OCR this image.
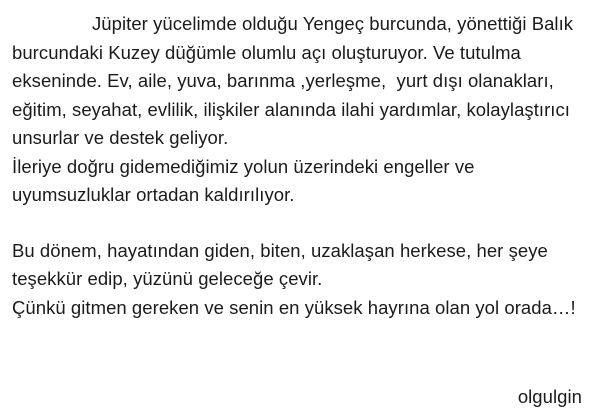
Jüpiter yücelimde olduğu Yengeç burcunda, yönettiği Balık burcundaki Kuzey düğümle olumlu açı oluşturuyor. Ve tutulma ekseninde. Ev, aile, yuva, barınma ,yerleşme,  yurt dışı olanakları, eğitim, seyahat, evlilik, ilişkiler alanında ilahi yardımlar, kolaylaştırıcı unsurlar ve destek geliyor.

İleriye doğru gidemediğimiz yolun üzerindeki engeller ve uyumsuzluklar ortadan kaldırılıyor.

Bu dönem, hayatından giden, biten, uzaklaşan herkese, her şeye teşekkür edip, yüzünü geleceğe çevir.

Çünkü gitmen gereken ve senin en yüksek hayrına olan yol orada…!

olgulgin
